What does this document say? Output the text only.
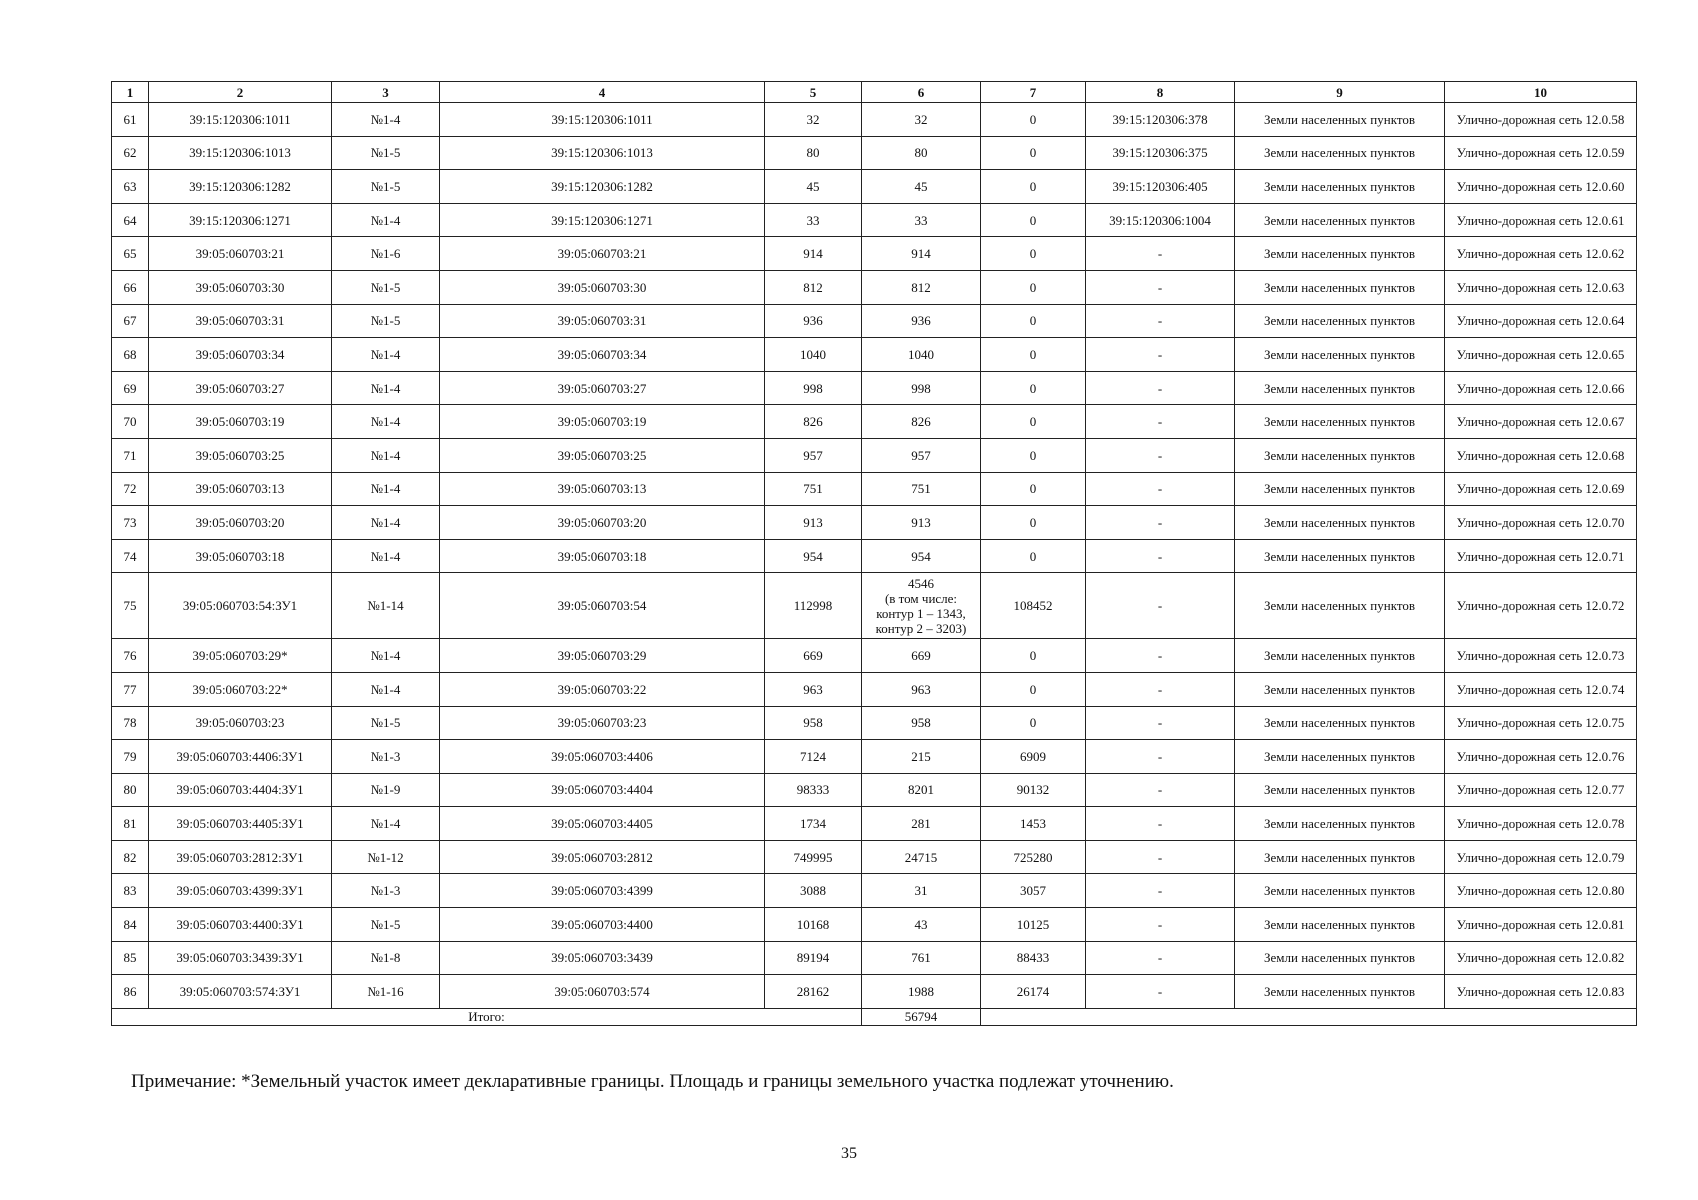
1	2	3	4	5	6	7	8	9	10
61	39:15:120306:1011	№1-4	39:15:120306:1011	32	32	0	39:15:120306:378	Земли населенных пунктов	Улично-дорожная сеть 12.0.58
62	39:15:120306:1013	№1-5	39:15:120306:1013	80	80	0	39:15:120306:375	Земли населенных пунктов	Улично-дорожная сеть 12.0.59
63	39:15:120306:1282	№1-5	39:15:120306:1282	45	45	0	39:15:120306:405	Земли населенных пунктов	Улично-дорожная сеть 12.0.60
64	39:15:120306:1271	№1-4	39:15:120306:1271	33	33	0	39:15:120306:1004	Земли населенных пунктов	Улично-дорожная сеть 12.0.61
65	39:05:060703:21	№1-6	39:05:060703:21	914	914	0	-	Земли населенных пунктов	Улично-дорожная сеть 12.0.62
66	39:05:060703:30	№1-5	39:05:060703:30	812	812	0	-	Земли населенных пунктов	Улично-дорожная сеть 12.0.63
67	39:05:060703:31	№1-5	39:05:060703:31	936	936	0	-	Земли населенных пунктов	Улично-дорожная сеть 12.0.64
68	39:05:060703:34	№1-4	39:05:060703:34	1040	1040	0	-	Земли населенных пунктов	Улично-дорожная сеть 12.0.65
69	39:05:060703:27	№1-4	39:05:060703:27	998	998	0	-	Земли населенных пунктов	Улично-дорожная сеть 12.0.66
70	39:05:060703:19	№1-4	39:05:060703:19	826	826	0	-	Земли населенных пунктов	Улично-дорожная сеть 12.0.67
71	39:05:060703:25	№1-4	39:05:060703:25	957	957	0	-	Земли населенных пунктов	Улично-дорожная сеть 12.0.68
72	39:05:060703:13	№1-4	39:05:060703:13	751	751	0	-	Земли населенных пунктов	Улично-дорожная сеть 12.0.69
73	39:05:060703:20	№1-4	39:05:060703:20	913	913	0	-	Земли населенных пунктов	Улично-дорожная сеть 12.0.70
74	39:05:060703:18	№1-4	39:05:060703:18	954	954	0	-	Земли населенных пунктов	Улично-дорожная сеть 12.0.71
75	39:05:060703:54:ЗУ1	№1-14	39:05:060703:54	112998	4546
(в том числе:
контур 1 – 1343,
контур 2 – 3203)	108452	-	Земли населенных пунктов	Улично-дорожная сеть 12.0.72
76	39:05:060703:29*	№1-4	39:05:060703:29	669	669	0	-	Земли населенных пунктов	Улично-дорожная сеть 12.0.73
77	39:05:060703:22*	№1-4	39:05:060703:22	963	963	0	-	Земли населенных пунктов	Улично-дорожная сеть 12.0.74
78	39:05:060703:23	№1-5	39:05:060703:23	958	958	0	-	Земли населенных пунктов	Улично-дорожная сеть 12.0.75
79	39:05:060703:4406:ЗУ1	№1-3	39:05:060703:4406	7124	215	6909	-	Земли населенных пунктов	Улично-дорожная сеть 12.0.76
80	39:05:060703:4404:ЗУ1	№1-9	39:05:060703:4404	98333	8201	90132	-	Земли населенных пунктов	Улично-дорожная сеть 12.0.77
81	39:05:060703:4405:ЗУ1	№1-4	39:05:060703:4405	1734	281	1453	-	Земли населенных пунктов	Улично-дорожная сеть 12.0.78
82	39:05:060703:2812:ЗУ1	№1-12	39:05:060703:2812	749995	24715	725280	-	Земли населенных пунктов	Улично-дорожная сеть 12.0.79
83	39:05:060703:4399:ЗУ1	№1-3	39:05:060703:4399	3088	31	3057	-	Земли населенных пунктов	Улично-дорожная сеть 12.0.80
84	39:05:060703:4400:ЗУ1	№1-5	39:05:060703:4400	10168	43	10125	-	Земли населенных пунктов	Улично-дорожная сеть 12.0.81
85	39:05:060703:3439:ЗУ1	№1-8	39:05:060703:3439	89194	761	88433	-	Земли населенных пунктов	Улично-дорожная сеть 12.0.82
86	39:05:060703:574:ЗУ1	№1-16	39:05:060703:574	28162	1988	26174	-	Земли населенных пунктов	Улично-дорожная сеть 12.0.83
Итого:					56794				
Примечание: *Земельный участок имеет декларативные границы. Площадь и границы земельного участка подлежат уточнению.
35
